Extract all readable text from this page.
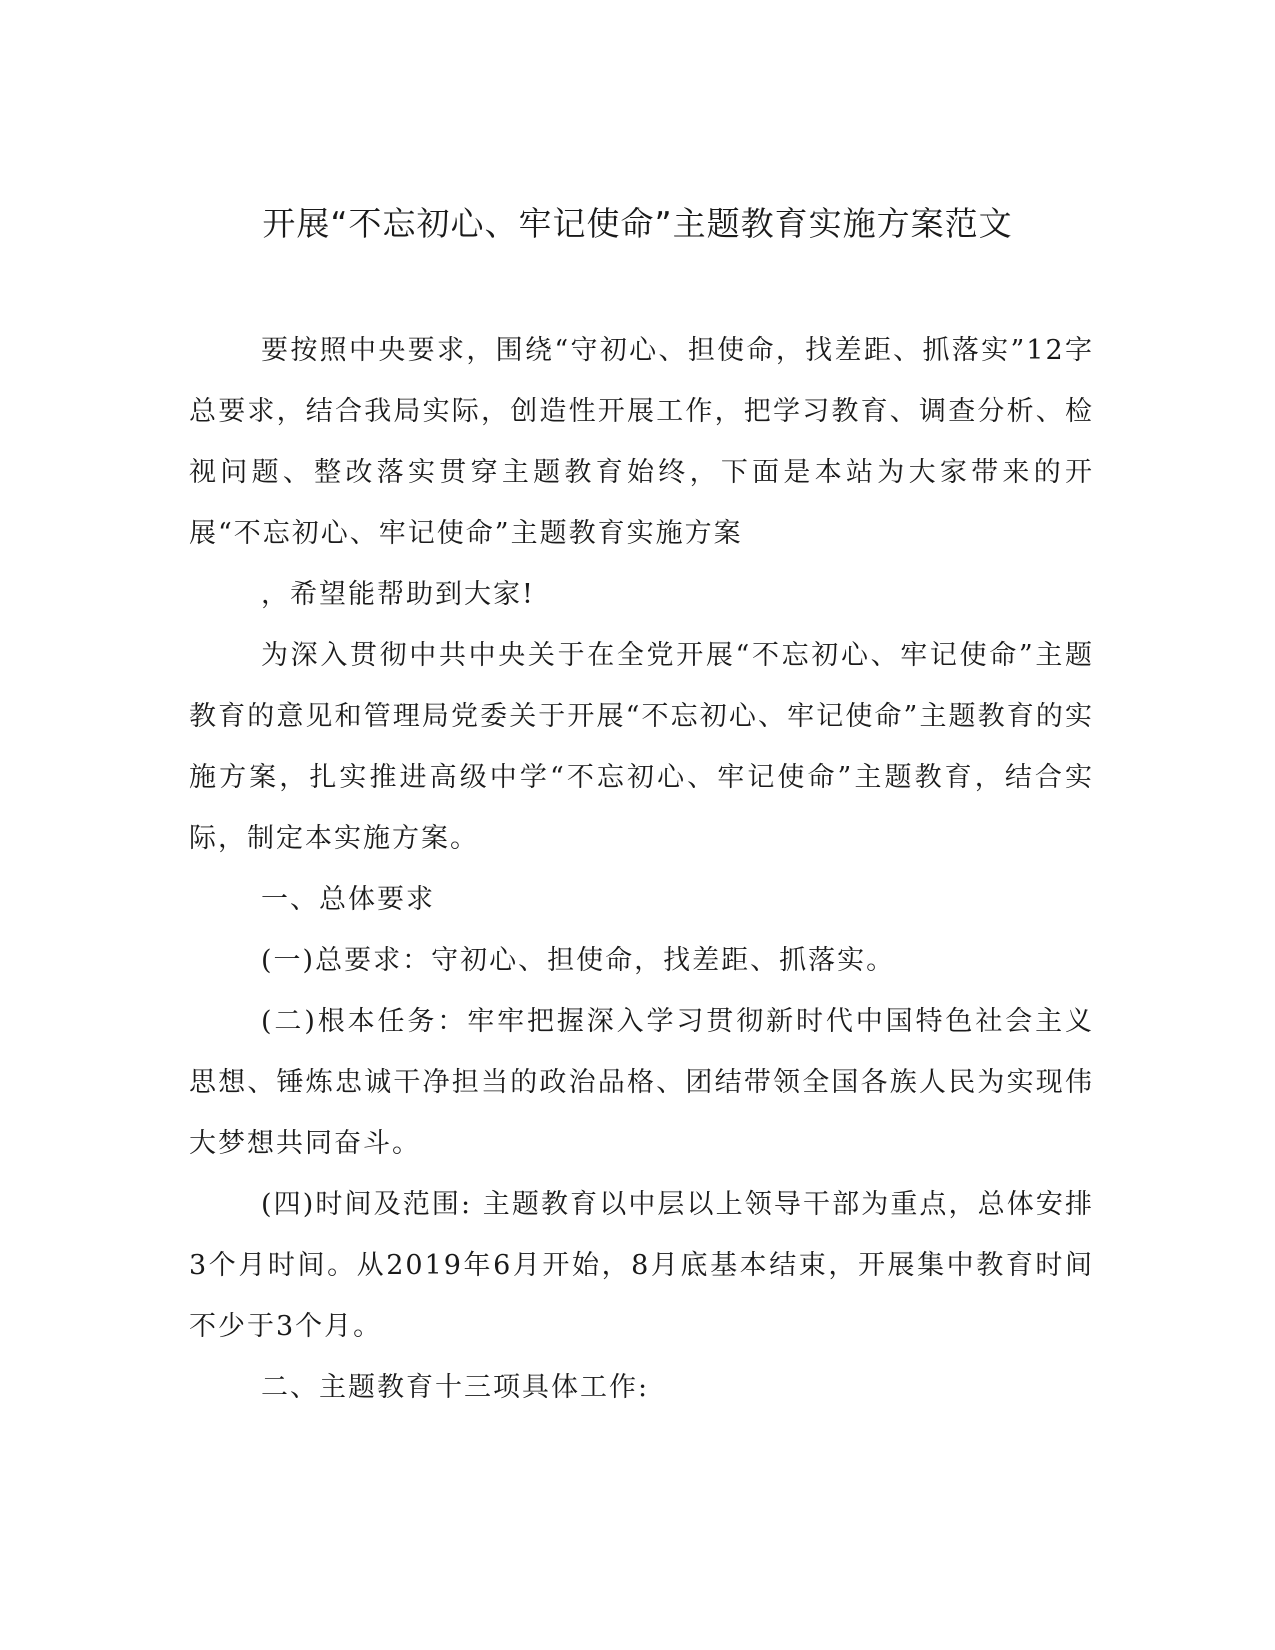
开展“不忘初心、牢记使命”主题教育实施方案范文

要按照中央要求，围绕“守初心、担使命，找差距、抓落实”12字总要求，结合我局实际，创造性开展工作，把学习教育、调查分析、检视问题、整改落实贯穿主题教育始终，下面是本站为大家带来的开展“不忘初心、牢记使命”主题教育实施方案

，希望能帮助到大家!

为深入贯彻中共中央关于在全党开展“不忘初心、牢记使命”主题教育的意见和管理局党委关于开展“不忘初心、牢记使命”主题教育的实施方案，扎实推进高级中学“不忘初心、牢记使命”主题教育，结合实际，制定本实施方案。

一、总体要求

(一)总要求：守初心、担使命，找差距、抓落实。

(二)根本任务：牢牢把握深入学习贯彻新时代中国特色社会主义思想、锤炼忠诚干净担当的政治品格、团结带领全国各族人民为实现伟大梦想共同奋斗。

(四)时间及范围: 主题教育以中层以上领导干部为重点，总体安排3个月时间。从2019年6月开始，8月底基本结束，开展集中教育时间不少于3个月。

二、主题教育十三项具体工作:
